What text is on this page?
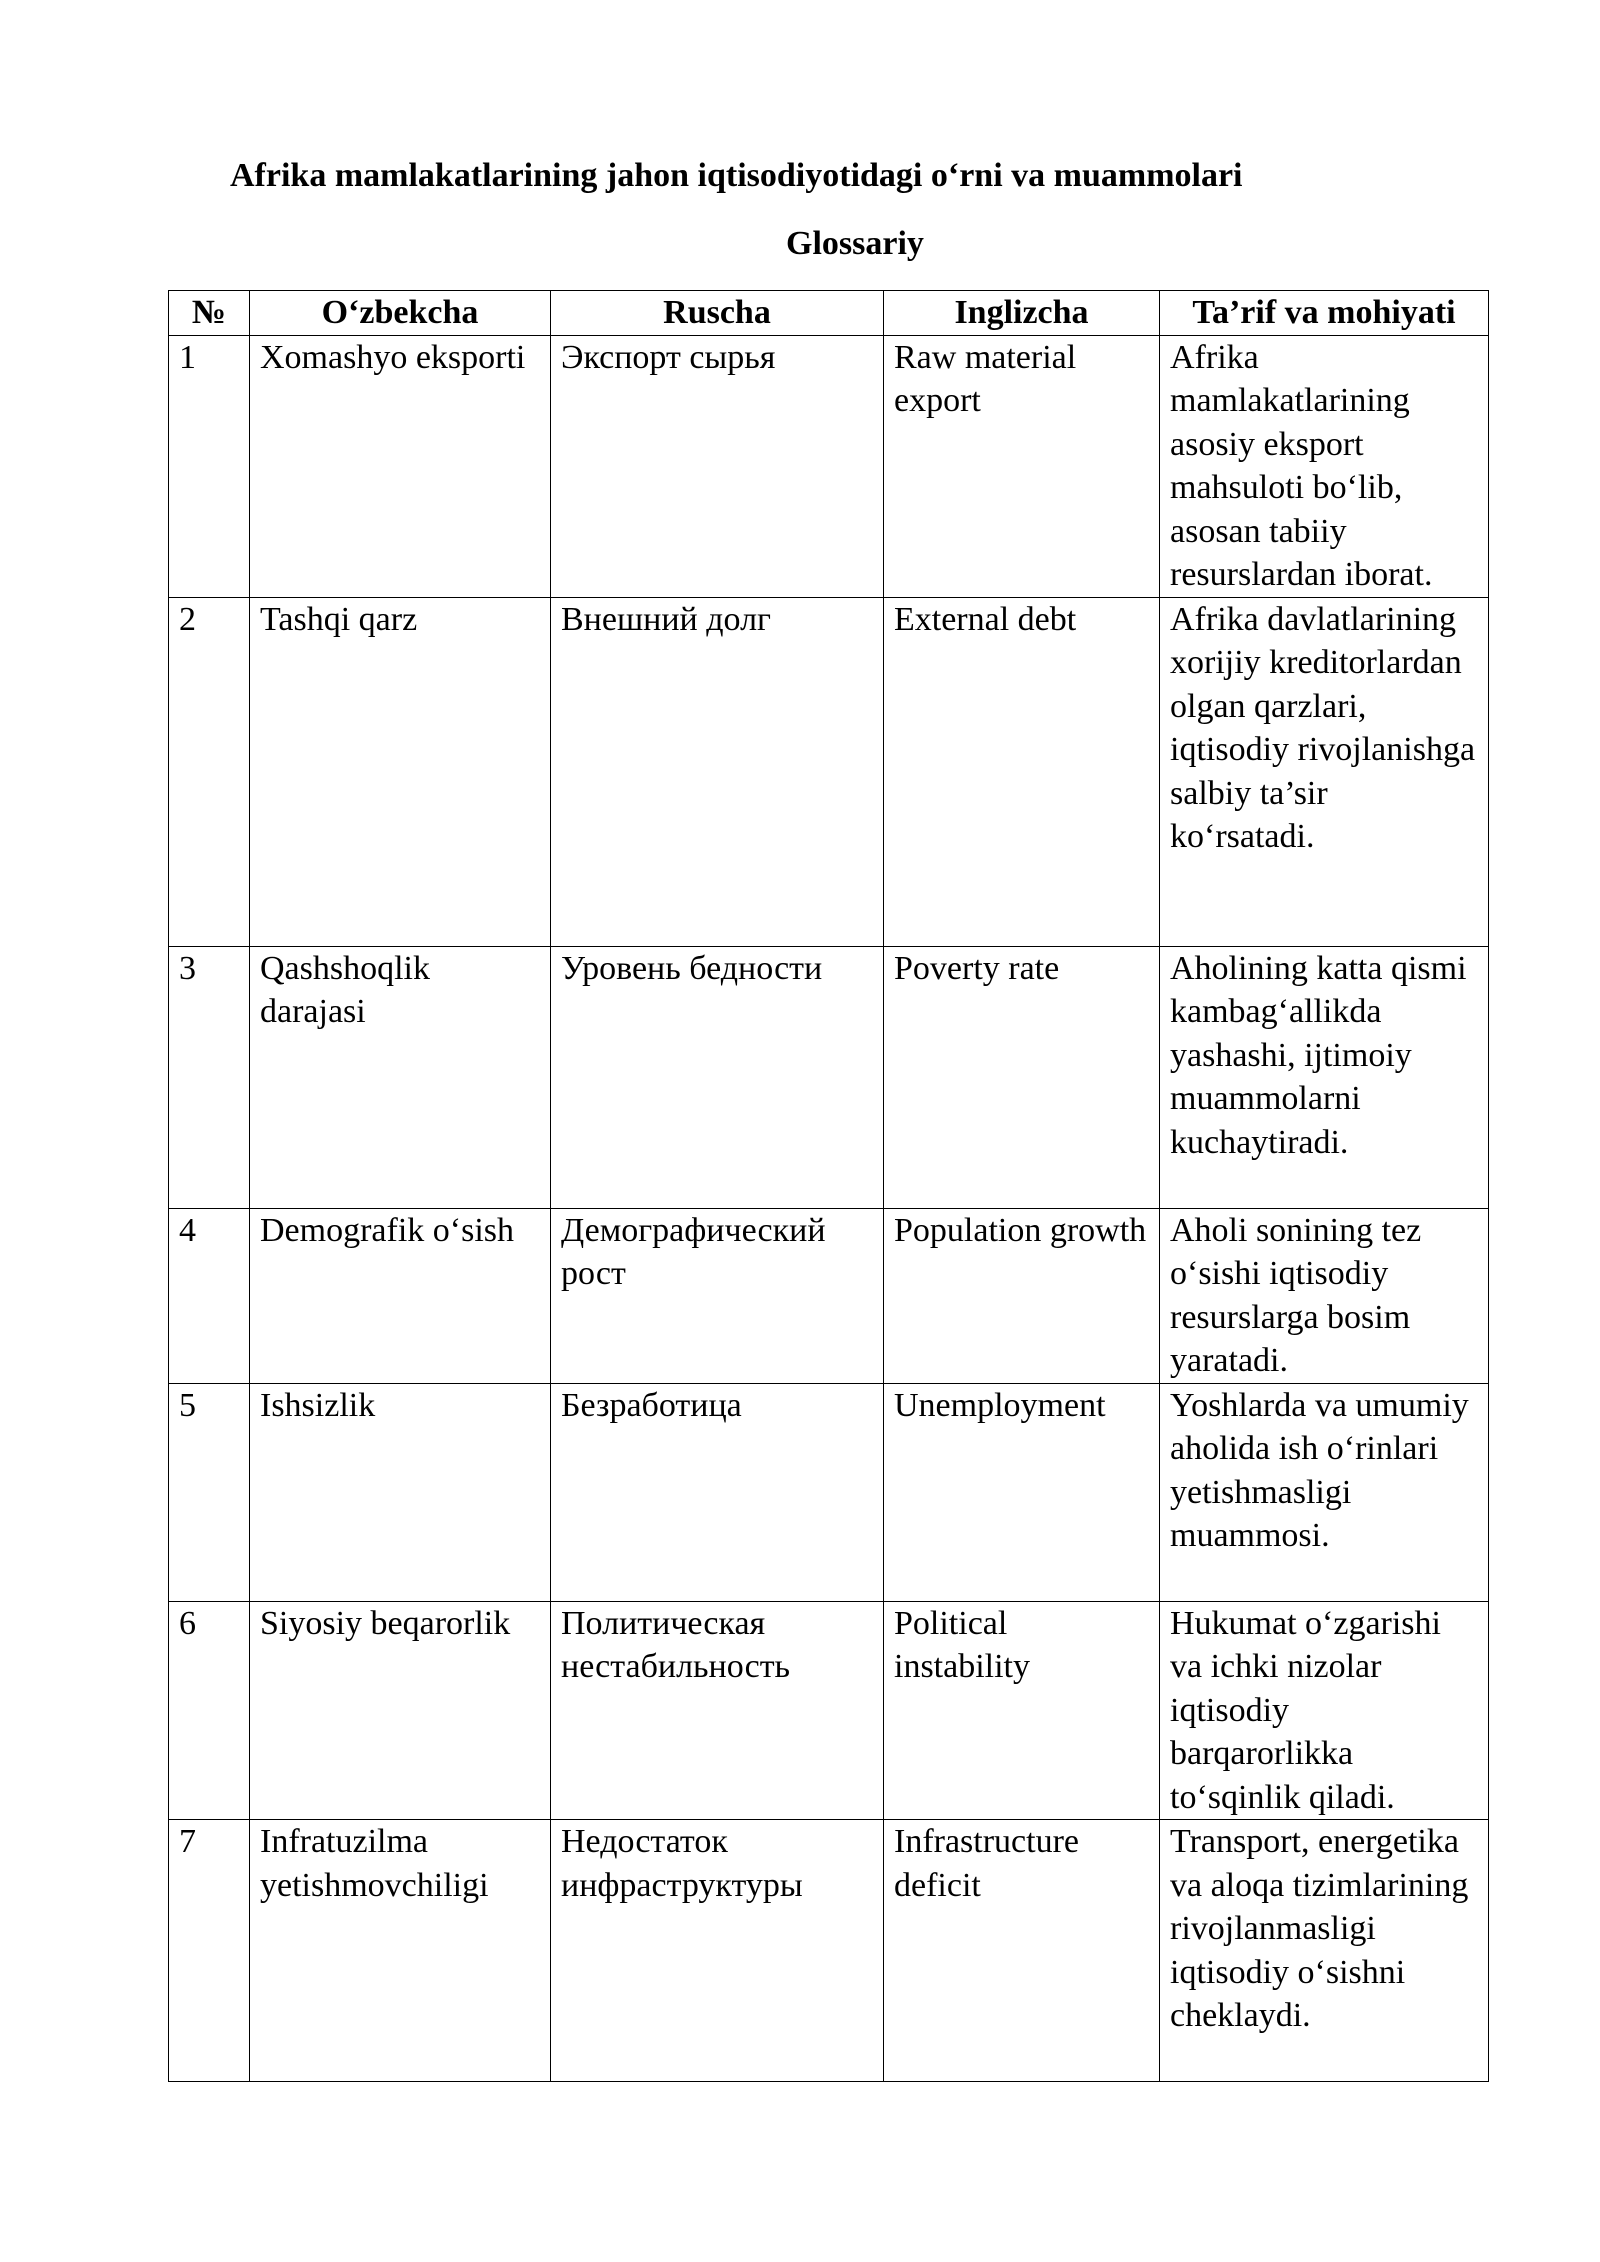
Afrika mamlakatlarining jahon iqtisodiyotidagi o‘rni va muammolari
Glossariy
№	O‘zbekcha	Ruscha	Inglizcha	Ta’rif va mohiyati
1	Xomashyo eksporti	Экспорт сырья	Raw material export	Afrika mamlakatlarining asosiy eksport mahsuloti bo‘lib, asosan tabiiy resurslardan iborat.
2	Tashqi qarz	Внешний долг	External debt	Afrika davlatlarining xorijiy kreditorlardan olgan qarzlari, iqtisodiy rivojlanishga salbiy ta’sir ko‘rsatadi.
3	Qashshoqlik darajasi	Уровень бедности	Poverty rate	Aholining katta qismi kambag‘allikda yashashi, ijtimoiy muammolarni kuchaytiradi.
4	Demografik o‘sish	Демографический рост	Population growth	Aholi sonining tez o‘sishi iqtisodiy resurslarga bosim yaratadi.
5	Ishsizlik	Безработица	Unemployment	Yoshlarda va umumiy aholida ish o‘rinlari yetishmasligi muammosi.
6	Siyosiy beqarorlik	Политическая нестабильность	Political instability	Hukumat o‘zgarishi va ichki nizolar iqtisodiy barqarorlikka to‘sqinlik qiladi.
7	Infratuzilma yetishmovchiligi	Недостаток инфраструктуры	Infrastructure deficit	Transport, energetika va aloqa tizimlarining rivojlanmasligi iqtisodiy o‘sishni cheklaydi.
